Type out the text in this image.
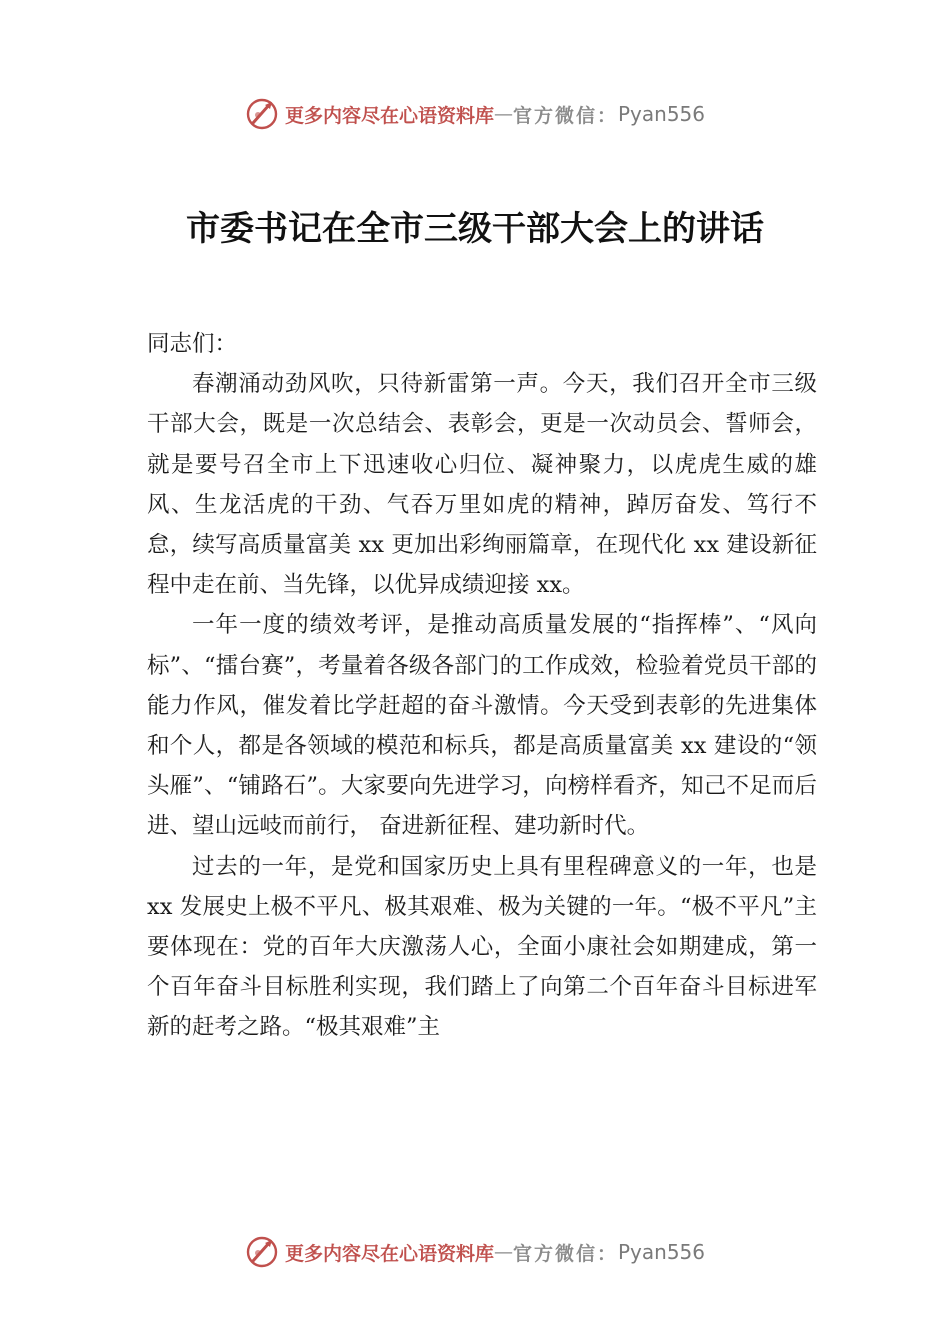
更多内容尽在心语资料库 — 官方微信： Pyan556
市委书记在全市三级干部大会上的讲话

同志们：

春潮涌动劲风吹，只待新雷第一声。今天，我们召开全市三级干部大会，既是一次总结会、表彰会，更是一次动员会、誓师会，就是要号召全市上下迅速收心归位、凝神聚力，以虎虎生威的雄风、生龙活虎的干劲、气吞万里如虎的精神，踔厉奋发、笃行不怠，续写高质量富美 xx 更加出彩绚丽篇章，在现代化 xx 建设新征程中走在前、当先锋，以优异成绩迎接 xx。

一年一度的绩效考评，是推动高质量发展的“指挥棒”、“风向标”、“擂台赛”，考量着各级各部门的工作成效，检验着党员干部的能力作风，催发着比学赶超的奋斗激情。今天受到表彰的先进集体和个人，都是各领域的模范和标兵，都是高质量富美 xx 建设的“领头雁”、“铺路石”。大家要向先进学习，向榜样看齐，知己不足而后进、望山远岐而前行， 奋进新征程、建功新时代。

过去的一年，是党和国家历史上具有里程碑意义的一年，也是 xx 发展史上极不平凡、极其艰难、极为关键的一年。“极不平凡”主要体现在：党的百年大庆激荡人心，全面小康社会如期建成，第一个百年奋斗目标胜利实现，我们踏上了向第二个百年奋斗目标进军新的赶考之路。“极其艰难”主

更多内容尽在心语资料库 — 官方微信： Pyan556
